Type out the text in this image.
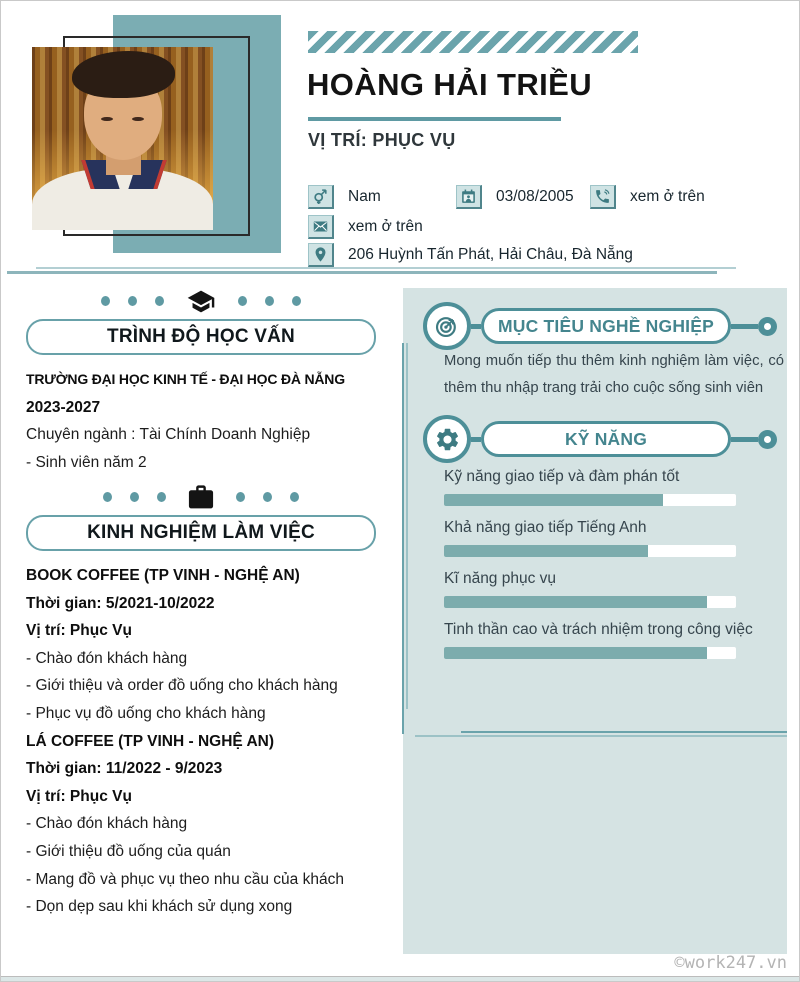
HOÀNG HẢI TRIỀU
VỊ TRÍ: PHỤC VỤ
Nam	03/08/2005	xem ở trên
xem ở trên
206 Huỳnh Tấn Phát, Hải Châu, Đà Nẵng
TRÌNH ĐỘ HỌC VẤN

TRƯỜNG ĐẠI HỌC KINH TẾ - ĐẠI HỌC ĐÀ NẴNG

2023-2027

Chuyên ngành : Tài Chính Doanh Nghiệp

- Sinh viên năm 2

KINH NGHIỆM LÀM VIỆC

BOOK COFFEE (TP VINH - NGHỆ AN)

Thời gian: 5/2021-10/2022

Vị trí: Phục Vụ

- Chào đón khách hàng

- Giới thiệu và order đồ uống cho khách hàng

- Phục vụ đồ uống cho khách hàng

LÁ COFFEE (TP VINH - NGHỆ AN)

Thời gian: 11/2022 - 9/2023

Vị trí: Phục Vụ

- Chào đón khách hàng

- Giới thiệu đồ uống của quán

- Mang đồ và phục vụ theo nhu cầu của khách

- Dọn dẹp sau khi khách sử dụng xong

MỤC TIÊU NGHỀ NGHIỆP

Mong muốn tiếp thu thêm kinh nghiệm làm việc, có thêm thu nhập trang trải cho cuộc sống sinh viên

KỸ NĂNG

Kỹ năng giao tiếp và đàm phán tốt

Khả năng giao tiếp Tiếng Anh

Kĩ năng phục vụ

Tinh thần cao và trách nhiệm trong công việc

©work247.vn
